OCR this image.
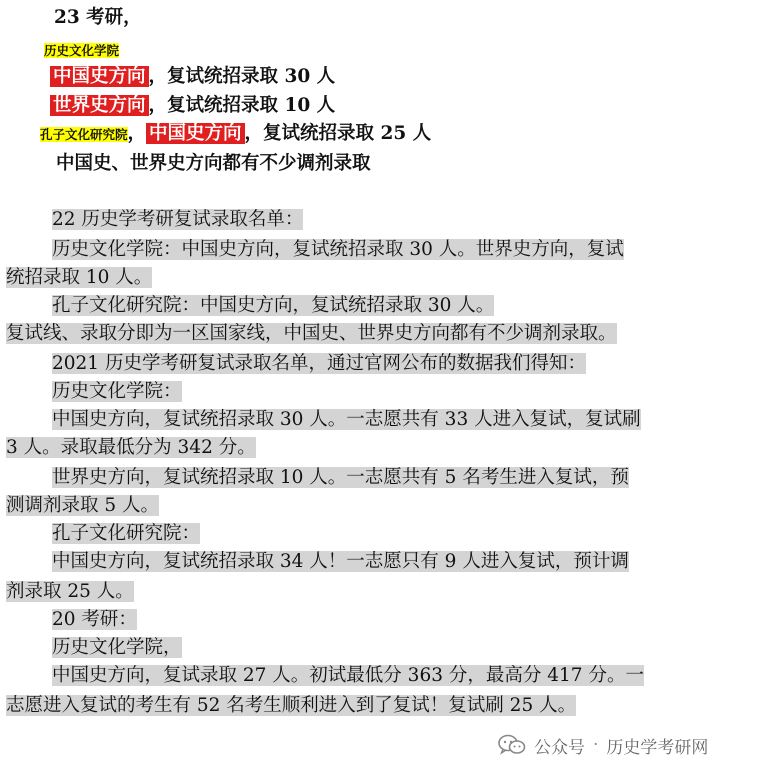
23 考研，
历史文化学院
中国史方向 ，复试统招录取 30 人
世界史方向 ，复试统招录取 10 人
孔子文化研究院， 中国史方向 ，复试统招录取 25 人
中国史、世界史方向都有不少调剂录取
22 历史学考研复试录取名单：
历史文化学院：中国史方向，复试统招录取 30 人。世界史方向，复试
统招录取 10 人。
孔子文化研究院：中国史方向，复试统招录取 30 人。
复试线、录取分即为一区国家线，中国史、世界史方向都有不少调剂录取。
2021 历史学考研复试录取名单，通过官网公布的数据我们得知：
历史文化学院：
中国史方向，复试统招录取 30 人。一志愿共有 33 人进入复试，复试刷
3 人。录取最低分为 342 分。
世界史方向，复试统招录取 10 人。一志愿共有 5 名考生进入复试，预
测调剂录取 5 人。
孔子文化研究院：
中国史方向，复试统招录取 34 人！一志愿只有 9 人进入复试，预计调
剂录取 25 人。
20 考研：
历史文化学院，
中国史方向，复试录取 27 人。初试最低分 363 分，最高分 417 分。一
志愿进入复试的考生有 52 名考生顺利进入到了复试！复试刷 25 人。
公众号 · 历史学考研网
